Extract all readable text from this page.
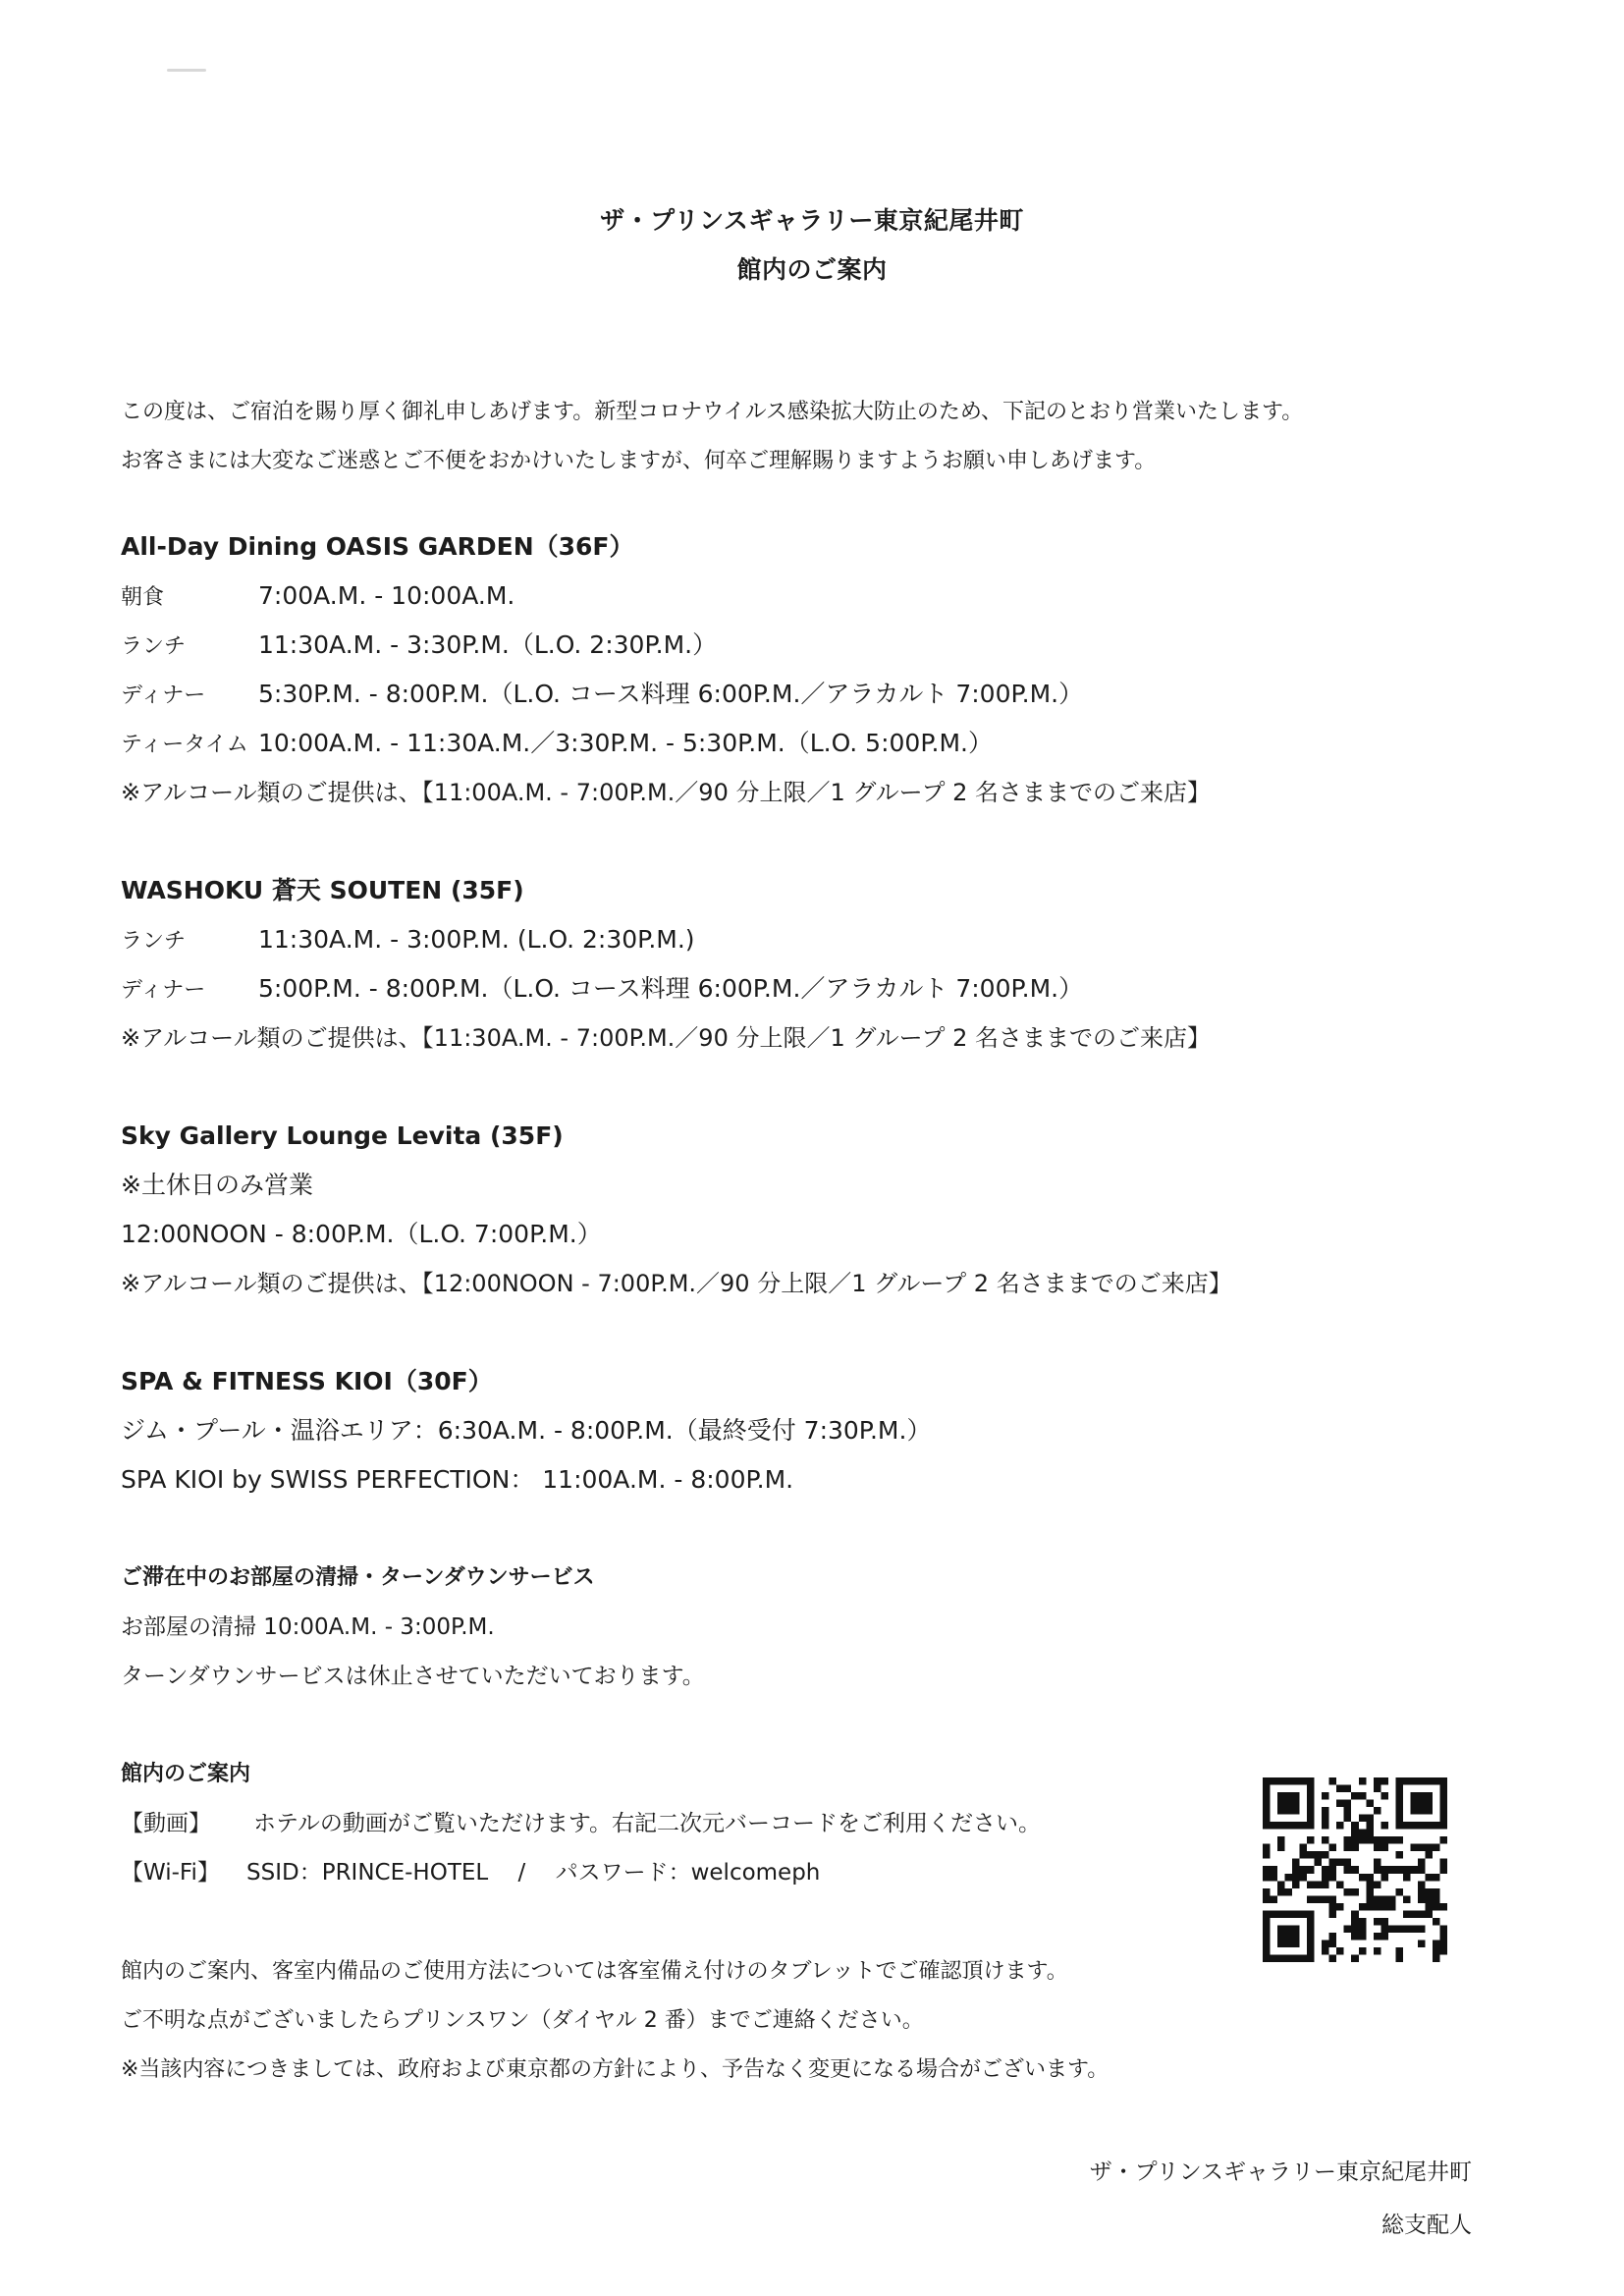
ザ・プリンスギャラリー東京紀尾井町
館内のご案内
この度は、ご宿泊を賜り厚く御礼申しあげます。新型コロナウイルス感染拡大防止のため、下記のとおり営業いたします。
お客さまには大変なご迷惑とご不便をおかけいたしますが、何卒ご理解賜りますようお願い申しあげます。
All-Day Dining OASIS GARDEN（36F）
朝食	7:00A.M. - 10:00A.M.
ランチ	11:30A.M. - 3:30P.M.（L.O. 2:30P.M.）
ディナー 5:30P.M. - 8:00P.M.（L.O. コース料理 6:00P.M.／アラカルト 7:00P.M.）
ティータイム 10:00A.M. - 11:30A.M.／3:30P.M. - 5:30P.M.（L.O. 5:00P.M.）
※アルコール類のご提供は、【11:00A.M. - 7:00P.M.／90 分上限／1 グループ 2 名さままでのご来店】
WASHOKU 蒼天 SOUTEN (35F)
ランチ	11:30A.M. - 3:00P.M. (L.O. 2:30P.M.)
ディナー 5:00P.M. - 8:00P.M.（L.O. コース料理 6:00P.M.／アラカルト 7:00P.M.）
※アルコール類のご提供は、【11:30A.M. - 7:00P.M.／90 分上限／1 グループ 2 名さままでのご来店】
Sky Gallery Lounge Levita (35F)
※土休日のみ営業
12:00NOON - 8:00P.M.（L.O. 7:00P.M.）
※アルコール類のご提供は、【12:00NOON - 7:00P.M.／90 分上限／1 グループ 2 名さままでのご来店】
SPA & FITNESS KIOI（30F）
ジム・プール・温浴エリア：6:30A.M. - 8:00P.M.（最終受付 7:30P.M.）
SPA KIOI by SWISS PERFECTION： 11:00A.M. - 8:00P.M.
ご滞在中のお部屋の清掃・ターンダウンサービス
お部屋の清掃 10:00A.M. - 3:00P.M.
ターンダウンサービスは休止させていただいております。
館内のご案内
【動画】 ホテルの動画がご覧いただけます。右記二次元バーコードをご利用ください。
【Wi-Fi】 SSID：PRINCE-HOTEL　 /　 パスワード：welcomeph
館内のご案内、客室内備品のご使用方法については客室備え付けのタブレットでご確認頂けます。
ご不明な点がございましたらプリンスワン（ダイヤル 2 番）までご連絡ください。
※当該内容につきましては、政府および東京都の方針により、予告なく変更になる場合がございます。
ザ・プリンスギャラリー東京紀尾井町
総支配人
